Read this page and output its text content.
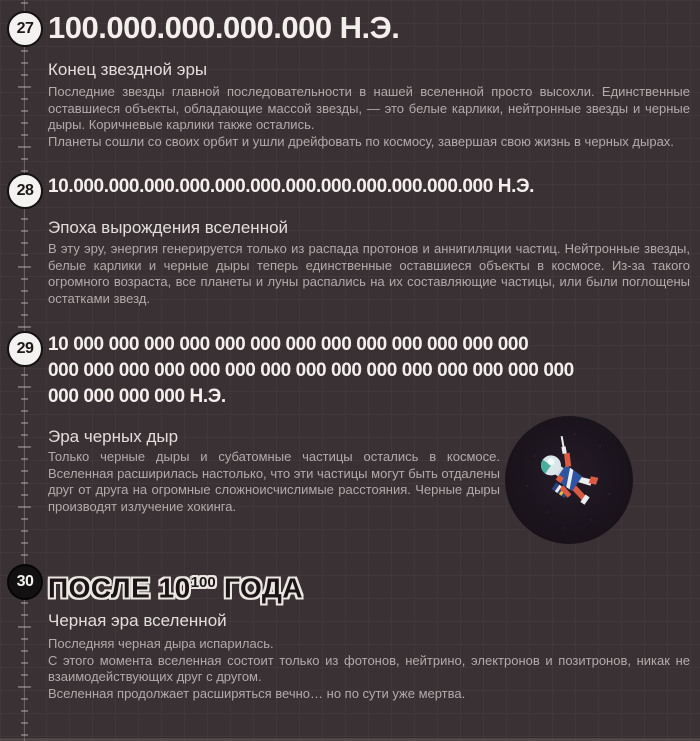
27 100.000.000.000.000 Н.Э.
Конец звездной эры

Последние звезды главной последовательности в нашей вселенной просто высохли. Единственные оставшиеся объекты, обладающие массой звезды, — это белые карлики, нейтронные звезды и черные дыры. Коричневые карлики также остались.

Планеты сошли со своих орбит и ушли дрейфовать по космосу, завершая свою жизнь в черных дырах.

28 10.000.000.000.000.000.000.000.000.000.000.000.000 Н.Э.
Эпоха вырождения вселенной

В эту эру, энергия генерируется только из распада протонов и аннигиляции частиц. Нейтронные звезды, белые карлики и черные дыры теперь единственные оставшиеся объекты в космосе. Из-за такого огромного возраста, все планеты и луны распались на их составляющие частицы, или были поглощены остатками звезд.

29 10 000 000 000 000 000 000 000 000 000 000 000 000 000
000 000 000 000 000 000 000 000 000 000 000 000 000 000 000
000 000 000 000 Н.Э.
Эра черных дыр

Только черные дыры и субатомные частицы остались в космосе. Вселенная расширилась настолько, что эти частицы могут быть отдалены друг от друга на огромные сложноисчислимые расстояния. Черные дыры производят излучение хокинга.

30 ПОСЛЕ $10^{100}$ ГОДА
Черная эра вселенной

Последняя черная дыра испарилась.

С этого момента вселенная состоит только из фотонов, нейтрино, электронов и позитронов, никак не взаимодействующих друг с другом.

Вселенная продолжает расширяться вечно… но по сути уже мертва.
